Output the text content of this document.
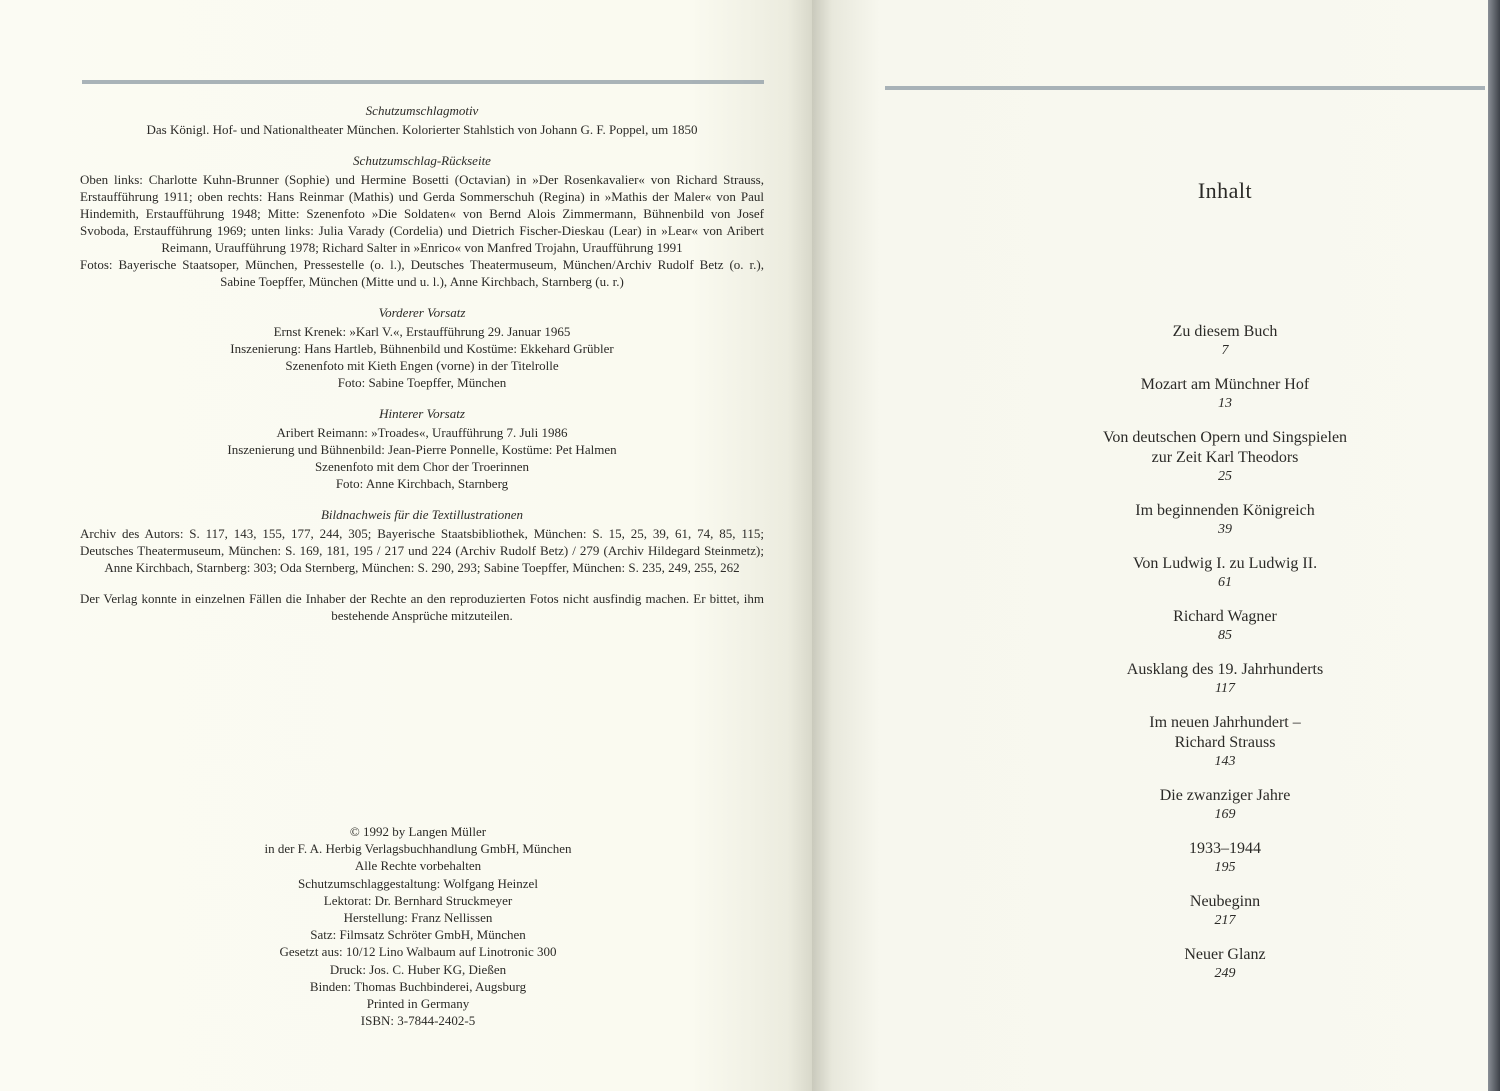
Schutzumschlagmotiv
Das Königl. Hof- und Nationaltheater München. Kolorierter Stahlstich von Johann G. F. Poppel, um 1850
Schutzumschlag-Rückseite
Oben links: Charlotte Kuhn-Brunner (Sophie) und Hermine Bosetti (Octavian) in »Der Rosenkavalier« von Richard Strauss, Erstaufführung 1911; oben rechts: Hans Reinmar (Mathis) und Gerda Sommerschuh (Regina) in »Mathis der Maler« von Paul Hindemith, Erstaufführung 1948; Mitte: Szenenfoto »Die Soldaten« von Bernd Alois Zimmermann, Bühnenbild von Josef Svoboda, Erstaufführung 1969; unten links: Julia Varady (Cordelia) und Dietrich Fischer-Dieskau (Lear) in »Lear« von Aribert Reimann, Uraufführung 1978; Richard Salter in »Enrico« von Manfred Trojahn, Uraufführung 1991
Fotos: Bayerische Staatsoper, München, Pressestelle (o. l.), Deutsches Theatermuseum, München/Archiv Rudolf Betz (o. r.), Sabine Toepffer, München (Mitte und u. l.), Anne Kirchbach, Starnberg (u. r.)
Vorderer Vorsatz
Ernst Krenek: »Karl V.«, Erstaufführung 29. Januar 1965
Inszenierung: Hans Hartleb, Bühnenbild und Kostüme: Ekkehard Grübler
Szenenfoto mit Kieth Engen (vorne) in der Titelrolle
Foto: Sabine Toepffer, München
Hinterer Vorsatz
Aribert Reimann: »Troades«, Uraufführung 7. Juli 1986
Inszenierung und Bühnenbild: Jean-Pierre Ponnelle, Kostüme: Pet Halmen
Szenenfoto mit dem Chor der Troerinnen
Foto: Anne Kirchbach, Starnberg
Bildnachweis für die Textillustrationen
Archiv des Autors: S. 117, 143, 155, 177, 244, 305; Bayerische Staatsbibliothek, München: S. 15, 25, 39, 61, 74, 85, 115; Deutsches Theatermuseum, München: S. 169, 181, 195 / 217 und 224 (Archiv Rudolf Betz) / 279 (Archiv Hildegard Steinmetz); Anne Kirchbach, Starnberg: 303; Oda Sternberg, München: S. 290, 293; Sabine Toepffer, München: S. 235, 249, 255, 262
Der Verlag konnte in einzelnen Fällen die Inhaber der Rechte an den reproduzierten Fotos nicht ausfindig machen. Er bittet, ihm bestehende Ansprüche mitzuteilen.
© 1992 by Langen Müller
in der F. A. Herbig Verlagsbuchhandlung GmbH, München
Alle Rechte vorbehalten
Schutzumschlaggestaltung: Wolfgang Heinzel
Lektorat: Dr. Bernhard Struckmeyer
Herstellung: Franz Nellissen
Satz: Filmsatz Schröter GmbH, München
Gesetzt aus: 10/12 Lino Walbaum auf Linotronic 300
Druck: Jos. C. Huber KG, Dießen
Binden: Thomas Buchbinderei, Augsburg
Printed in Germany
ISBN: 3-7844-2402-5
Inhalt
Zu diesem Buch
7
Mozart am Münchner Hof
13
Von deutschen Opern und Singspielen
zur Zeit Karl Theodors
25
Im beginnenden Königreich
39
Von Ludwig I. zu Ludwig II.
61
Richard Wagner
85
Ausklang des 19. Jahrhunderts
117
Im neuen Jahrhundert –
Richard Strauss
143
Die zwanziger Jahre
169
1933–1944
195
Neubeginn
217
Neuer Glanz
249
